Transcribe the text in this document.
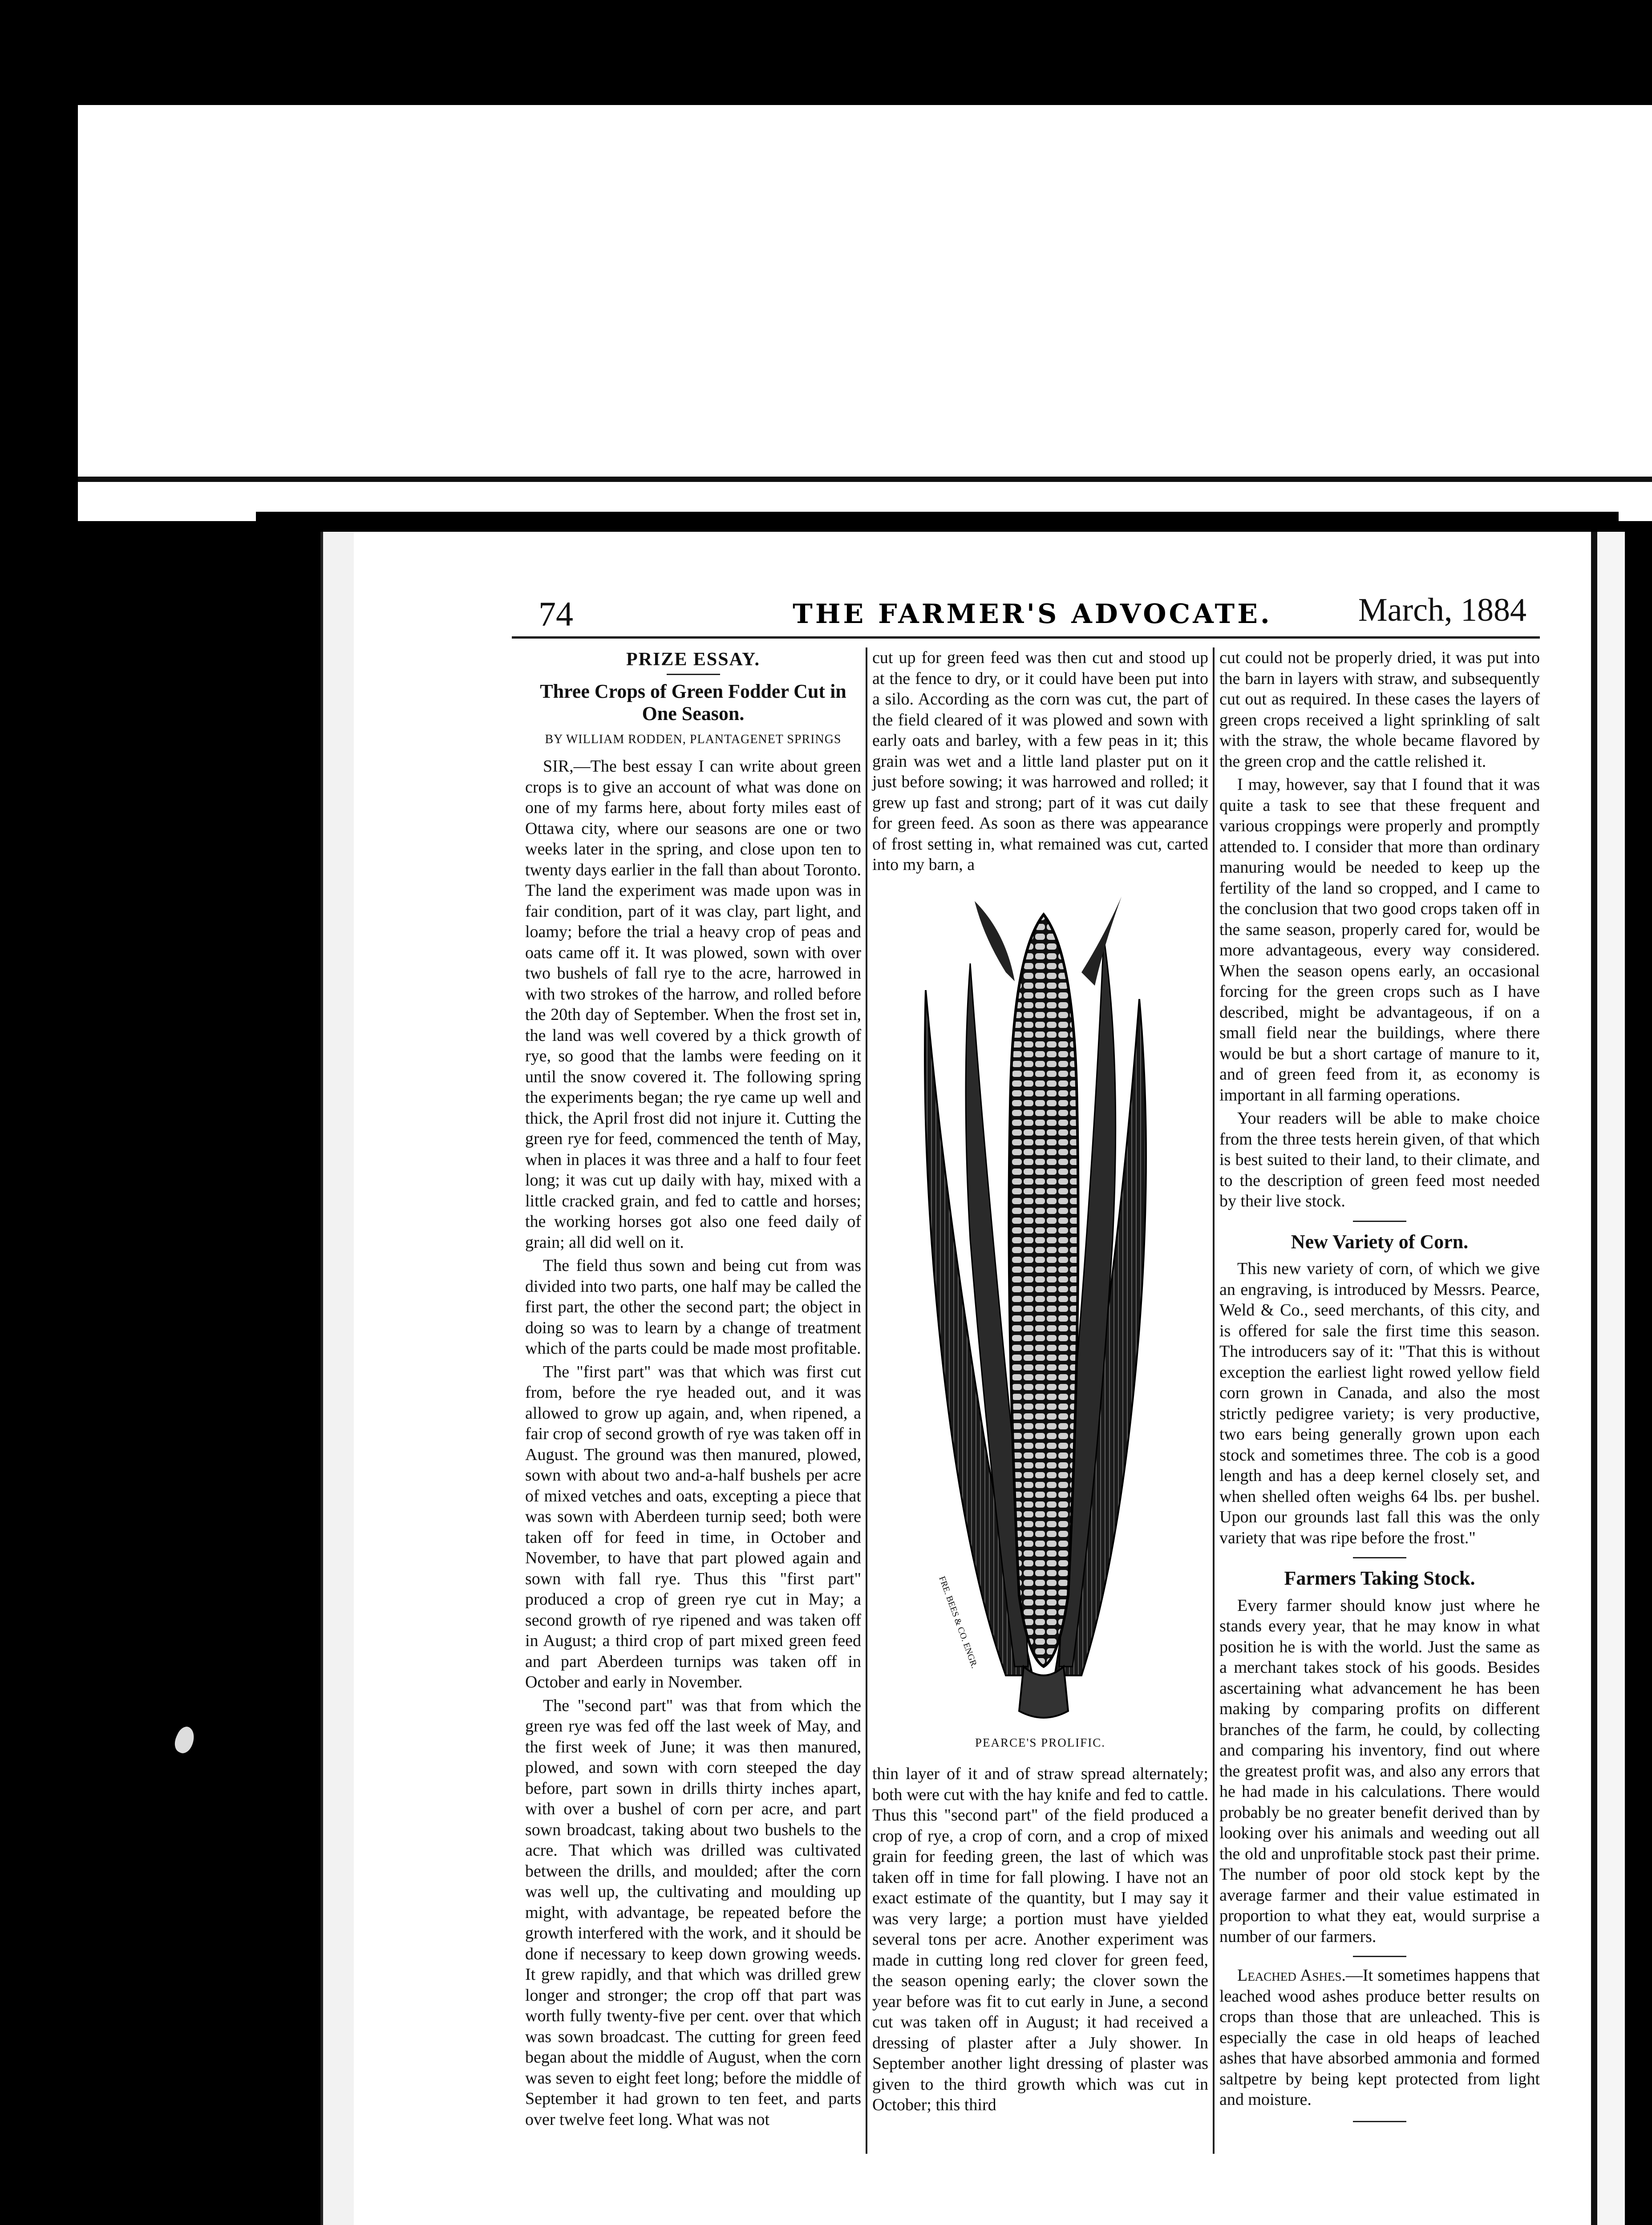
74	THE FARMER'S ADVOCATE.	March, 1884
PRIZE ESSAY.
Three Crops of Green Fodder Cut in One Season.
BY WILLIAM RODDEN, PLANTAGENET SPRINGS

SIR,—The best essay I can write about green crops is to give an account of what was done on one of my farms here, about forty miles east of Ottawa city, where our seasons are one or two weeks later in the spring, and close upon ten to twenty days earlier in the fall than about Toronto. The land the experiment was made upon was in fair condition, part of it was clay, part light, and loamy; before the trial a heavy crop of peas and oats came off it. It was plowed, sown with over two bushels of fall rye to the acre, harrowed in with two strokes of the harrow, and rolled before the 20th day of September. When the frost set in, the land was well covered by a thick growth of rye, so good that the lambs were feeding on it until the snow covered it. The following spring the experiments began; the rye came up well and thick, the April frost did not injure it. Cutting the green rye for feed, commenced the tenth of May, when in places it was three and a half to four feet long; it was cut up daily with hay, mixed with a little cracked grain, and fed to cattle and horses; the working horses got also one feed daily of grain; all did well on it.

The field thus sown and being cut from was divided into two parts, one half may be called the first part, the other the second part; the object in doing so was to learn by a change of treatment which of the parts could be made most profitable.

The "first part" was that which was first cut from, before the rye headed out, and it was allowed to grow up again, and, when ripened, a fair crop of second growth of rye was taken off in August. The ground was then manured, plowed, sown with about two and-a-half bushels per acre of mixed vetches and oats, excepting a piece that was sown with Aberdeen turnip seed; both were taken off for feed in time, in October and November, to have that part plowed again and sown with fall rye. Thus this "first part" produced a crop of green rye cut in May; a second growth of rye ripened and was taken off in August; a third crop of part mixed green feed and part Aberdeen turnips was taken off in October and early in November.

The "second part" was that from which the green rye was fed off the last week of May, and the first week of June; it was then manured, plowed, and sown with corn steeped the day before, part sown in drills thirty inches apart, with over a bushel of corn per acre, and part sown broadcast, taking about two bushels to the acre. That which was drilled was cultivated between the drills, and moulded; after the corn was well up, the cultivating and moulding up might, with advantage, be repeated before the growth interfered with the work, and it should be done if necessary to keep down growing weeds. It grew rapidly, and that which was drilled grew longer and stronger; the crop off that part was worth fully twenty-five per cent. over that which was sown broadcast. The cutting for green feed began about the middle of August, when the corn was seven to eight feet long; before the middle of September it had grown to ten feet, and parts over twelve feet long. What was not

cut up for green feed was then cut and stood up at the fence to dry, or it could have been put into a silo. According as the corn was cut, the part of the field cleared of it was plowed and sown with early oats and barley, with a few peas in it; this grain was wet and a little land plaster put on it just before sowing; it was harrowed and rolled; it grew up fast and strong; part of it was cut daily for green feed. As soon as there was appearance of frost setting in, what remained was cut, carted into my barn, a

FRE. BEES & CO. ENGR.
PEARCE'S PROLIFIC.

thin layer of it and of straw spread alternately; both were cut with the hay knife and fed to cattle. Thus this "second part" of the field produced a crop of rye, a crop of corn, and a crop of mixed grain for feeding green, the last of which was taken off in time for fall plowing. I have not an exact estimate of the quantity, but I may say it was very large; a portion must have yielded several tons per acre. Another experiment was made in cutting long red clover for green feed, the season opening early; the clover sown the year before was fit to cut early in June, a second cut was taken off in August; it had received a dressing of plaster after a July shower. In September another light dressing of plaster was given to the third growth which was cut in October; this third

cut could not be properly dried, it was put into the barn in layers with straw, and subsequently cut out as required. In these cases the layers of green crops received a light sprinkling of salt with the straw, the whole became flavored by the green crop and the cattle relished it.

I may, however, say that I found that it was quite a task to see that these frequent and various croppings were properly and promptly attended to. I consider that more than ordinary manuring would be needed to keep up the fertility of the land so cropped, and I came to the conclusion that two good crops taken off in the same season, properly cared for, would be more advantageous, every way considered. When the season opens early, an occasional forcing for the green crops such as I have described, might be advantageous, if on a small field near the buildings, where there would be but a short cartage of manure to it, and of green feed from it, as economy is important in all farming operations.

Your readers will be able to make choice from the three tests herein given, of that which is best suited to their land, to their climate, and to the description of green feed most needed by their live stock.

New Variety of Corn.

This new variety of corn, of which we give an engraving, is introduced by Messrs. Pearce, Weld & Co., seed merchants, of this city, and is offered for sale the first time this season. The introducers say of it: "That this is without exception the earliest light rowed yellow field corn grown in Canada, and also the most strictly pedigree variety; is very productive, two ears being generally grown upon each stock and sometimes three. The cob is a good length and has a deep kernel closely set, and when shelled often weighs 64 lbs. per bushel. Upon our grounds last fall this was the only variety that was ripe before the frost."

Farmers Taking Stock.

Every farmer should know just where he stands every year, that he may know in what position he is with the world. Just the same as a merchant takes stock of his goods. Besides ascertaining what advancement he has been making by comparing profits on different branches of the farm, he could, by collecting and comparing his inventory, find out where the greatest profit was, and also any errors that he had made in his calculations. There would probably be no greater benefit derived than by looking over his animals and weeding out all the old and unprofitable stock past their prime. The number of poor old stock kept by the average farmer and their value estimated in proportion to what they eat, would surprise a number of our farmers.

Leached Ashes.—It sometimes happens that leached wood ashes produce better results on crops than those that are unleached. This is especially the case in old heaps of leached ashes that have absorbed ammonia and formed saltpetre by being kept protected from light and moisture.
